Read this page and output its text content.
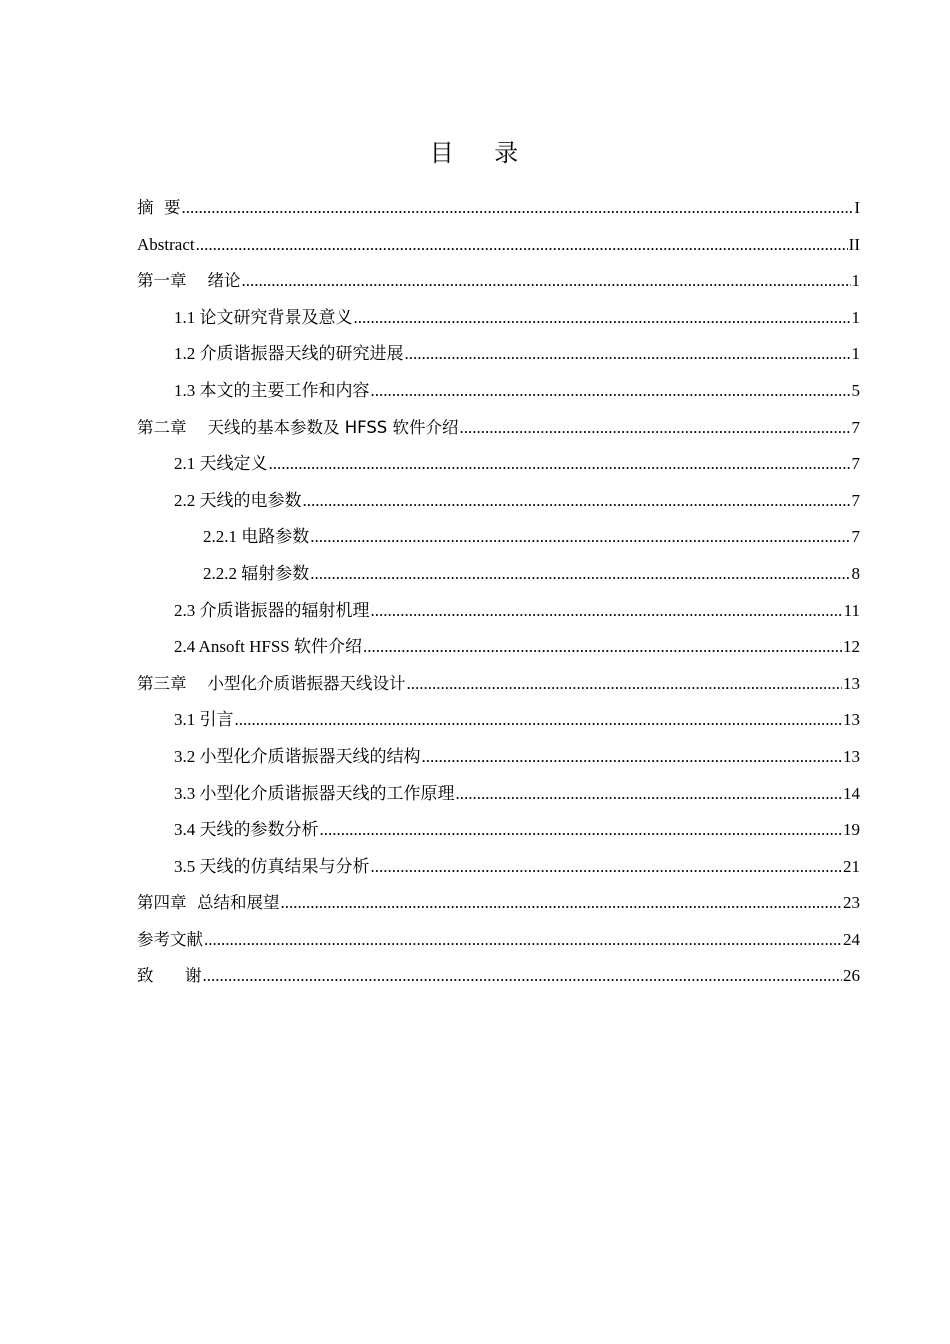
目    录
摘  要 .....	I
Abstract .....	II
第一章    绪论 .....	1
1.1 论文研究背景及意义 .....	1
1.2 介质谐振器天线的研究进展 .....	1
1.3 本文的主要工作和内容 .....	5
第二章    天线的基本参数及 HFSS 软件介绍 .....	7
2.1 天线定义 .....	7
2.2 天线的电参数 .....	7
2.2.1 电路参数 .....	7
2.2.2 辐射参数 .....	8
2.3 介质谐振器的辐射机理 .....	11
2.4 Ansoft HFSS 软件介绍 .....	12
第三章    小型化介质谐振器天线设计 .....	13
3.1 引言 .....	13
3.2 小型化介质谐振器天线的结构 .....	13
3.3 小型化介质谐振器天线的工作原理 .....	14
3.4 天线的参数分析 .....	19
3.5 天线的仿真结果与分析 .....	21
第四章  总结和展望 .....	23
参考文献 .....	24
致      谢 .....	26
